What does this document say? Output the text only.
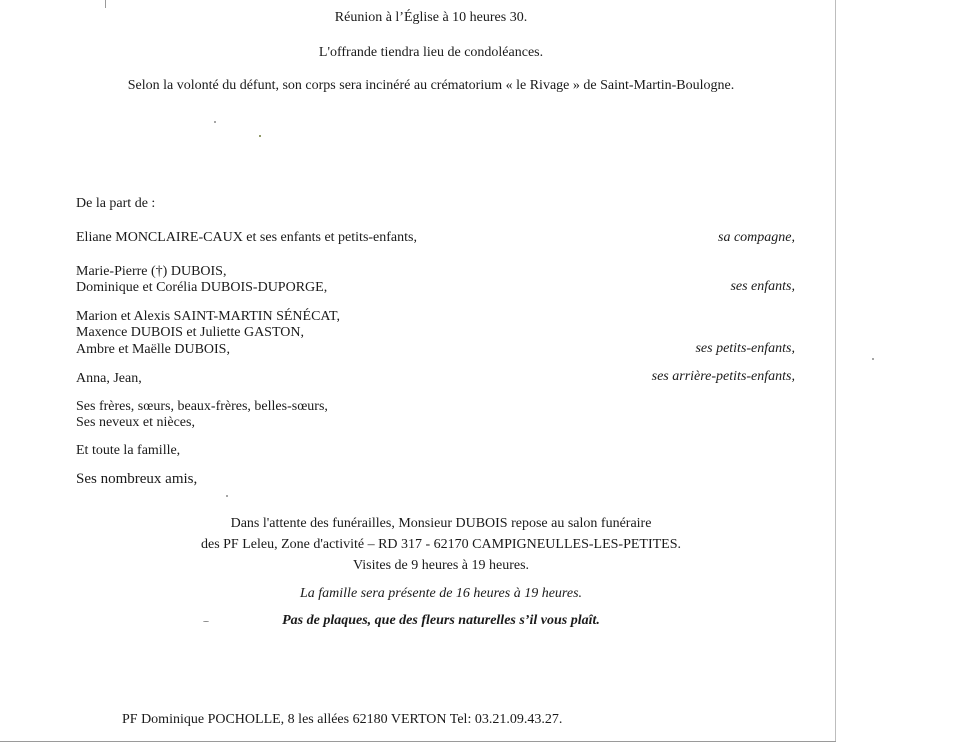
Réunion à l’Église à 10 heures 30.
L'offrande tiendra lieu de condoléances.
Selon la volonté du défunt, son corps sera incinéré au crématorium « le Rivage » de Saint-Martin-Boulogne.
De la part de :
Eliane MONCLAIRE-CAUX et ses enfants et petits-enfants,	sa compagne,
Marie-Pierre (†) DUBOIS,
Dominique et Corélia DUBOIS-DUPORGE,	ses enfants,
Marion et Alexis SAINT-MARTIN SÉNÉCAT,
Maxence DUBOIS et Juliette GASTON,
Ambre et Maëlle DUBOIS,	ses petits-enfants,
Anna, Jean,	ses arrière-petits-enfants,
Ses frères, sœurs, beaux-frères, belles-sœurs,
Ses neveux et nièces,
Et toute la famille,
Ses nombreux amis,
Dans l'attente des funérailles, Monsieur DUBOIS repose au salon funéraire
des PF Leleu, Zone d'activité – RD 317 - 62170 CAMPIGNEULLES-LES-PETITES.
Visites de 9 heures à 19 heures.
La famille sera présente de 16 heures à 19 heures.
Pas de plaques, que des fleurs naturelles s’il vous plaît.
PF Dominique POCHOLLE, 8 les allées 62180 VERTON Tel: 03.21.09.43.27.
